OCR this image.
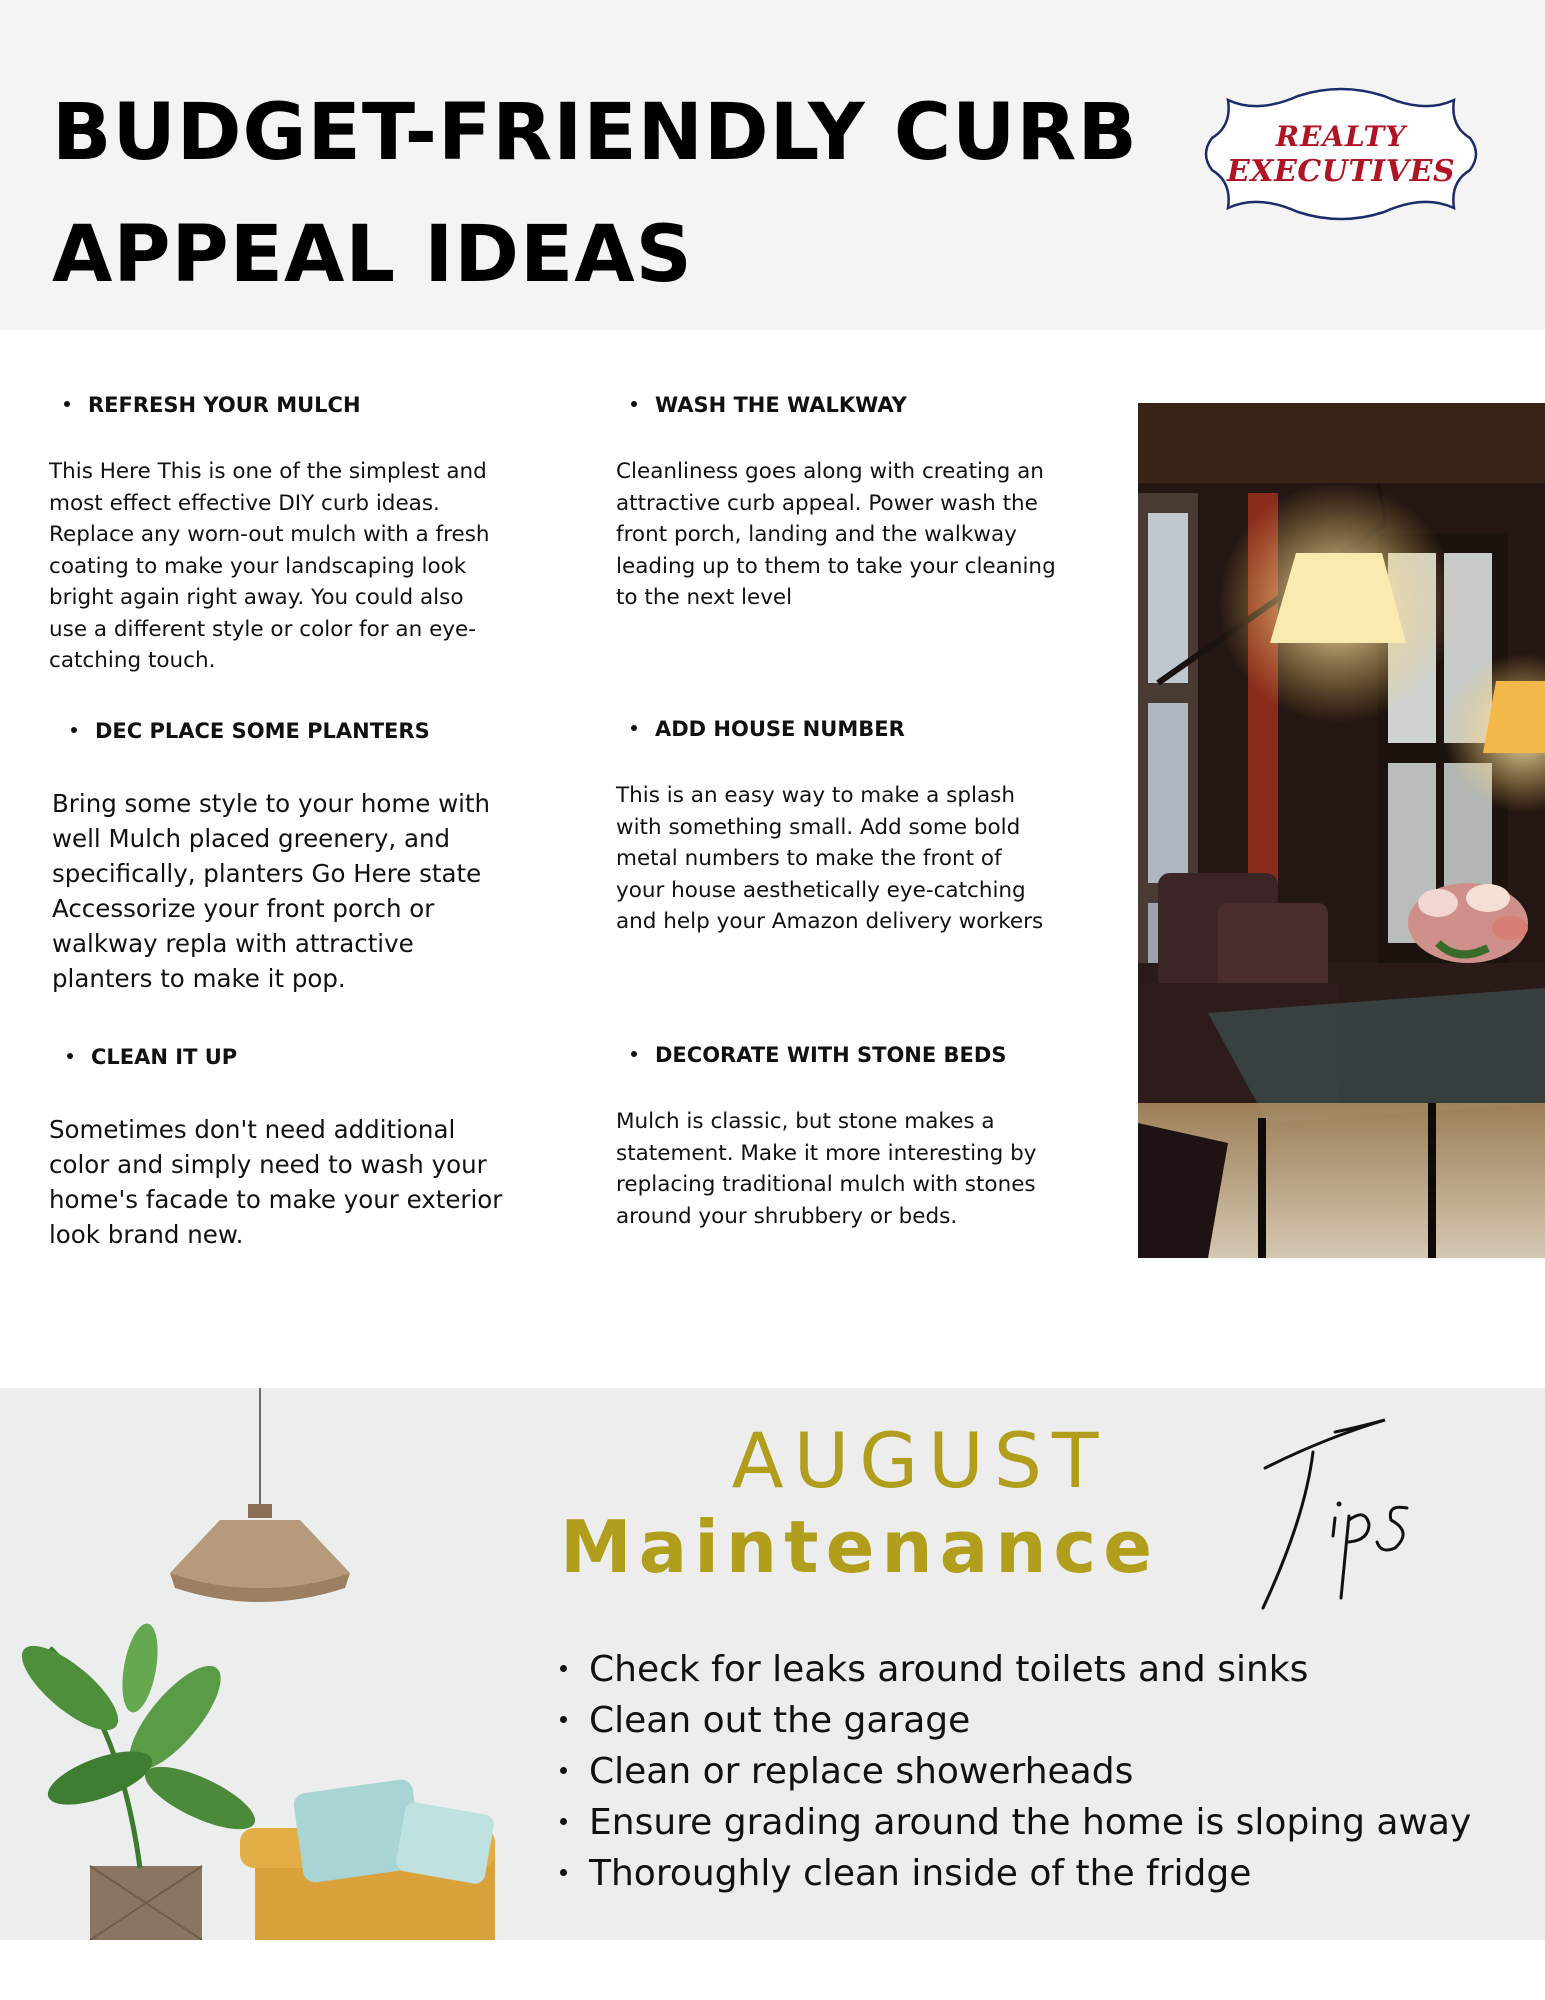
BUDGET-FRIENDLY CURB
APPEAL IDEAS
REALTY
EXECUTIVES

REFRESH YOUR MULCH

This Here This is one of the simplest and
most effect effective DIY curb ideas.
Replace any worn-out mulch with a fresh
coating to make your landscaping look
bright again right away. You could also
use a different style or color for an eye-
catching touch.

WASH THE WALKWAY

Cleanliness goes along with creating an
attractive curb appeal. Power wash the
front porch, landing and the walkway
leading up to them to take your cleaning
to the next level

DEC PLACE SOME PLANTERS

Bring some style to your home with
well Mulch placed greenery, and
specifically, planters Go Here state
Accessorize your front porch or
walkway repla with attractive
planters to make it pop.

ADD HOUSE NUMBER

This is an easy way to make a splash
with something small. Add some bold
metal numbers to make the front of
your house aesthetically eye-catching
and help your Amazon delivery workers

CLEAN IT UP

Sometimes don't need additional
color and simply need to wash your
home's facade to make your exterior
look brand new.

DECORATE WITH STONE BEDS

Mulch is classic, but stone makes a
statement. Make it more interesting by
replacing traditional mulch with stones
around your shrubbery or beds.

AUGUST

Maintenance

Check for leaks around toilets and sinks
Clean out the garage
Clean or replace showerheads
Ensure grading around the home is sloping away
Thoroughly clean inside of the fridge
